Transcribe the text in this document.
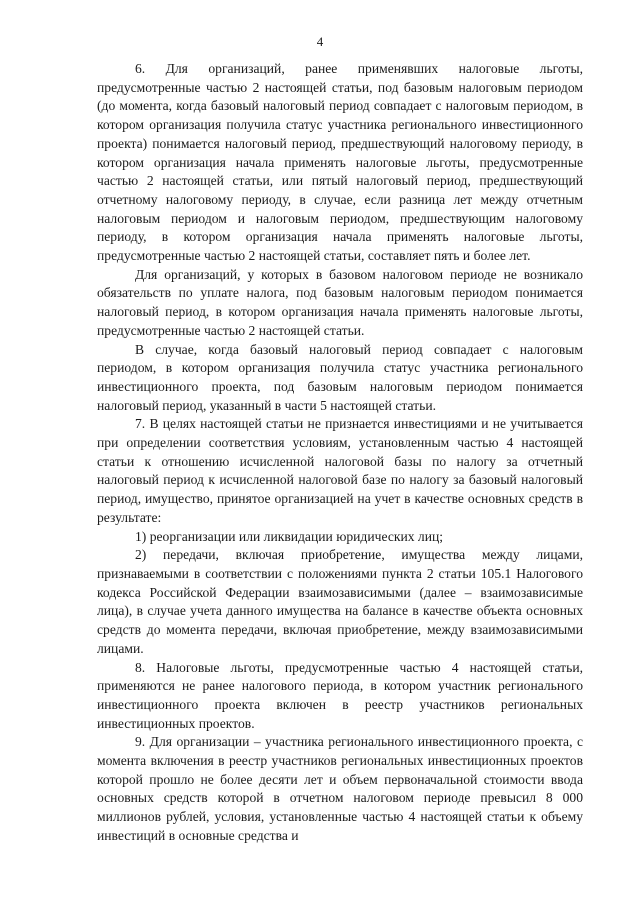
4

6. Для организаций, ранее применявших налоговые льготы, предусмотренные частью 2 настоящей статьи, под базовым налоговым периодом (до момента, когда базовый налоговый период совпадает с налоговым периодом, в котором организация получила статус участника регионального инвестиционного проекта) понимается налоговый период, предшествующий налоговому периоду, в котором организация начала применять налоговые льготы, предусмотренные частью 2 настоящей статьи, или пятый налоговый период, предшествующий отчетному налоговому периоду, в случае, если разница лет между отчетным налоговым периодом и налоговым периодом, предшествующим налоговому периоду, в котором организация начала применять налоговые льготы, предусмотренные частью 2 настоящей статьи, составляет пять и более лет.

Для организаций, у которых в базовом налоговом периоде не возникало обязательств по уплате налога, под базовым налоговым периодом понимается налоговый период, в котором организация начала применять налоговые льготы, предусмотренные частью 2 настоящей статьи.

В случае, когда базовый налоговый период совпадает с налоговым периодом, в котором организация получила статус участника регионального инвестиционного проекта, под базовым налоговым периодом понимается налоговый период, указанный в части 5 настоящей статьи.

7. В целях настоящей статьи не признается инвестициями и не учитывается при определении соответствия условиям, установленным частью 4 настоящей статьи к отношению исчисленной налоговой базы по налогу за отчетный налоговый период к исчисленной налоговой базе по налогу за базовый налоговый период, имущество, принятое организацией на учет в качестве основных средств в результате:

1) реорганизации или ликвидации юридических лиц;

2) передачи, включая приобретение, имущества между лицами, признаваемыми в соответствии с положениями пункта 2 статьи 105.1 Налогового кодекса Российской Федерации взаимозависимыми (далее – взаимозависимые лица), в случае учета данного имущества на балансе в качестве объекта основных средств до момента передачи, включая приобретение, между взаимозависимыми лицами.

8. Налоговые льготы, предусмотренные частью 4 настоящей статьи, применяются не ранее налогового периода, в котором участник регионального инвестиционного проекта включен в реестр участников региональных инвестиционных проектов.

9. Для организации – участника регионального инвестиционного проекта, с момента включения в реестр участников региональных инвестиционных проектов которой прошло не более десяти лет и объем первоначальной стоимости ввода основных средств которой в отчетном налоговом периоде превысил 8 000 миллионов рублей, условия, установленные частью 4 настоящей статьи к объему инвестиций в основные средства и
